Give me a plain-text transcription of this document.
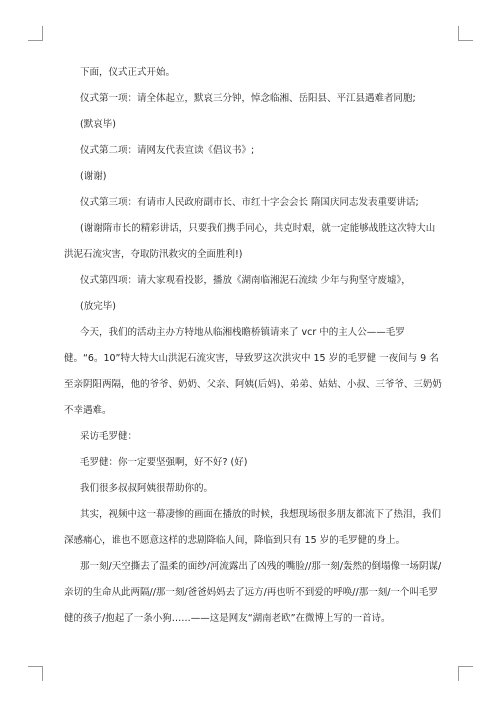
下面，仪式正式开始。

仪式第一项：请全体起立，默哀三分钟，悼念临湘、岳阳县、平江县遇难者同胞;

(默哀毕)

仪式第二项：请网友代表宣读《倡议书》;

(谢谢)

仪式第三项：有请市人民政府副市长、市红十字会会长 隋国庆同志发表重要讲话;

(谢谢隋市长的精彩讲话，只要我们携手同心，共克时艰，就一定能够战胜这次特大山洪泥石流灾害，夺取防汛救灾的全面胜利!)

仪式第四项：请大家观看投影，播放《湖南临湘泥石流续 少年与狗坚守废墟》，

(放完毕)

今天，我们的活动主办方特地从临湘栈瞻桥镇请来了 vcr 中的主人公——毛罗健。“6。10”特大特大山洪泥石流灾害，导致罗这次洪灾中 15 岁的毛罗健 一夜间与 9 名至亲阴阳两隔，他的爷爷、奶奶、父亲、阿姨(后妈)、弟弟、姑姑、小叔、三爷爷、三奶奶不幸遇难。

采访毛罗健：

毛罗健：你一定要坚强啊，好不好? (好)

我们很多叔叔阿姨很帮助你的。

其实，视频中这一幕凄惨的画面在播放的时候，我想现场很多朋友都流下了热泪，我们深感痛心，谁也不愿意这样的悲剧降临人间，降临到只有 15 岁的毛罗健的身上。

那一刻/天空撕去了温柔的面纱/河流露出了凶残的嘴脸//那一刻/轰然的倒塌像一场阴谋/亲切的生命从此两隔//那一刻/爸爸妈妈去了远方/再也听不到爱的呼唤//那一刻/一个叫毛罗健的孩子/抱起了一条小狗……——这是网友“湖南老欧”在微博上写的一首诗。
